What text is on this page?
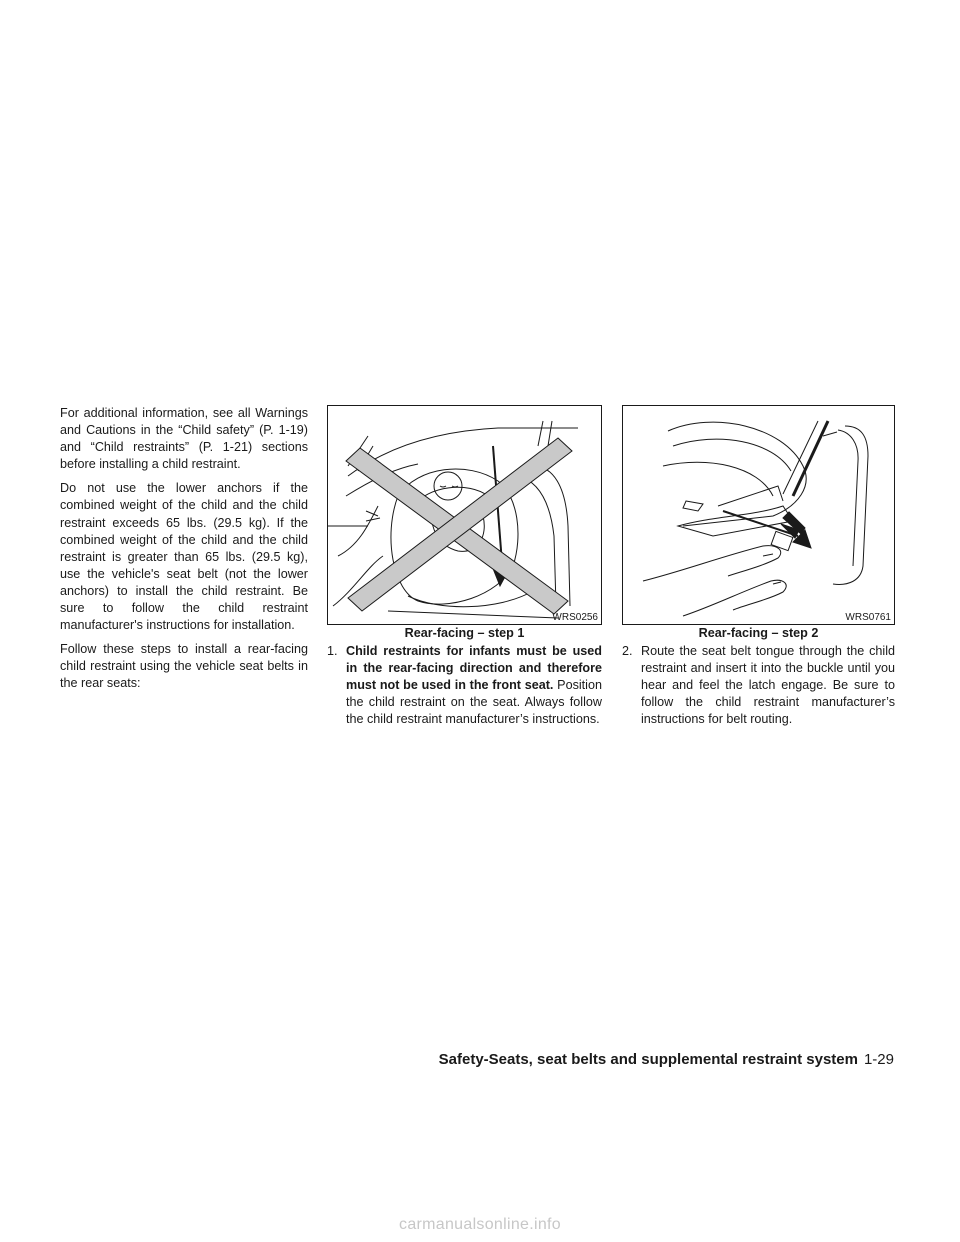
For additional information, see all Warnings and Cautions in the “Child safety” (P. 1-19) and “Child restraints” (P. 1-21) sections before installing a child restraint.

Do not use the lower anchors if the combined weight of the child and the child restraint exceeds 65 lbs. (29.5 kg). If the combined weight of the child and the child restraint is greater than 65 lbs. (29.5 kg), use the vehicle's seat belt (not the lower anchors) to install the child restraint. Be sure to follow the child restraint manufacturer's instructions for installation.

Follow these steps to install a rear-facing child restraint using the vehicle seat belts in the rear seats:

WRS0256
Rear-facing – step 1
1. Child restraints for infants must be used in the rear-facing direction and therefore must not be used in the front seat. Position the child restraint on the seat. Always follow the child restraint manufacturer’s instructions.
WRS0761
Rear-facing – step 2
2. Route the seat belt tongue through the child restraint and insert it into the buckle until you hear and feel the latch engage. Be sure to follow the child restraint manufacturer’s instructions for belt routing.
Safety-Seats, seat belts and supplemental restraint system 1-29
carmanualsonline.info
